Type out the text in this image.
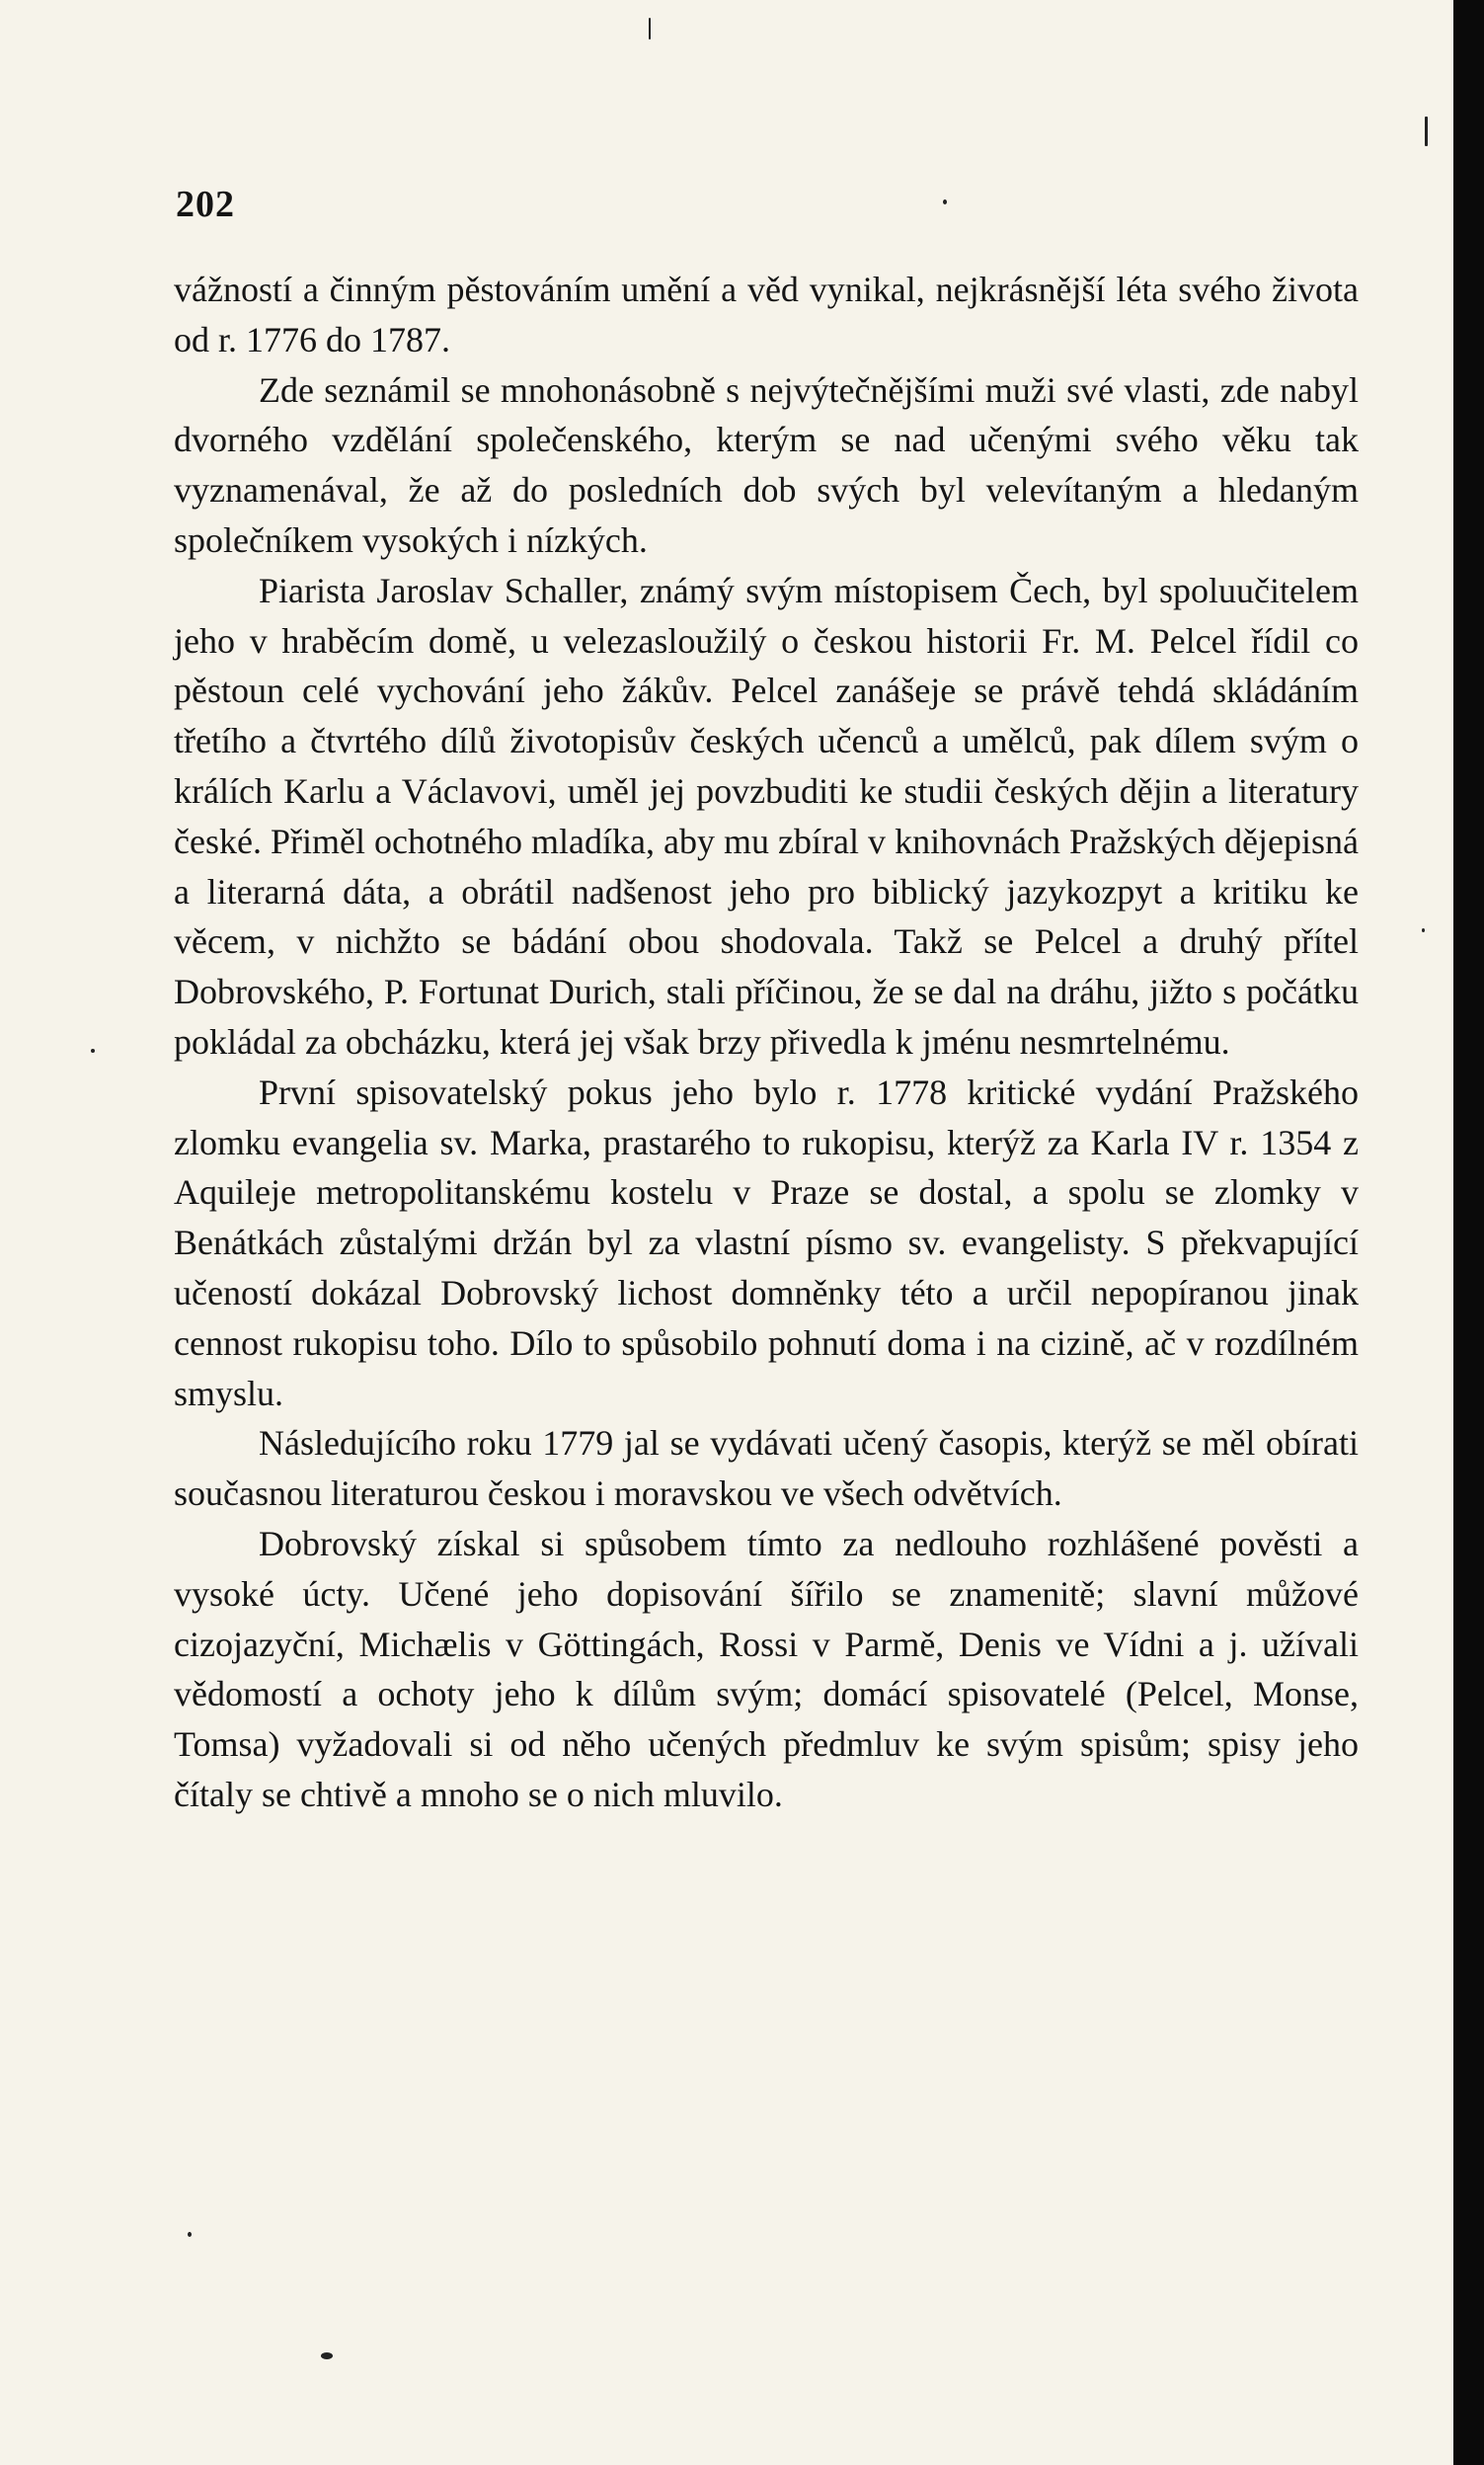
202

vážností a činným pěstováním umění a věd vynikal, nejkrásnější léta svého života od r. 1776 do 1787.

Zde seznámil se mnohonásobně s nejvýtečnějšími muži své vlasti, zde nabyl dvorného vzdělání společenského, kterým se nad učenými svého věku tak vyznamenával, že až do posledních dob svých byl velevítaným a hledaným společníkem vysokých i nízkých.

Piarista Jaroslav Schaller, známý svým místopisem Čech, byl spoluučitelem jeho v hraběcím domě, u velezasloužilý o českou historii Fr. M. Pelcel řídil co pěstoun celé vychování jeho žákův. Pelcel zanášeje se právě tehdá skládáním třetího a čtvrtého dílů životopisův českých učenců a umělců, pak dílem svým o králích Karlu a Václavovi, uměl jej povzbuditi ke studii českých dějin a literatury české. Přiměl ochotného mladíka, aby mu zbíral v knihovnách Pražských dějepisná a literarná dáta, a obrátil nadšenost jeho pro biblický jazykozpyt a kritiku ke věcem, v nichžto se bádání obou shodovala. Takž se Pelcel a druhý přítel Dobrovského, P. Fortunat Durich, stali příčinou, že se dal na dráhu, jižto s počátku pokládal za obcházku, která jej však brzy přivedla k jménu nesmrtelnému.

První spisovatelský pokus jeho bylo r. 1778 kritické vydání Pražského zlomku evangelia sv. Marka, prastarého to rukopisu, kterýž za Karla IV r. 1354 z Aquileje metropolitanskému kostelu v Praze se dostal, a spolu se zlomky v Benátkách zůstalými držán byl za vlastní písmo sv. evangelisty. S překvapující učeností dokázal Dobrovský lichost domněnky této a určil nepopíranou jinak cennost rukopisu toho. Dílo to spůsobilo pohnutí doma i na cizině, ač v rozdílném smyslu.

Následujícího roku 1779 jal se vydávati učený časopis, kterýž se měl obírati současnou literaturou českou i moravskou ve všech odvětvích.

Dobrovský získal si spůsobem tímto za nedlouho rozhlášené pověsti a vysoké úcty. Učené jeho dopisování šířilo se znamenitě; slavní můžové cizojazyční, Michælis v Göttingách, Rossi v Parmě, Denis ve Vídni a j. užívali vědomostí a ochoty jeho k dílům svým; domácí spisovatelé (Pelcel, Monse, Tomsa) vyžadovali si od něho učených předmluv ke svým spisům; spisy jeho čítaly se chtivě a mnoho se o nich mluvilo.
